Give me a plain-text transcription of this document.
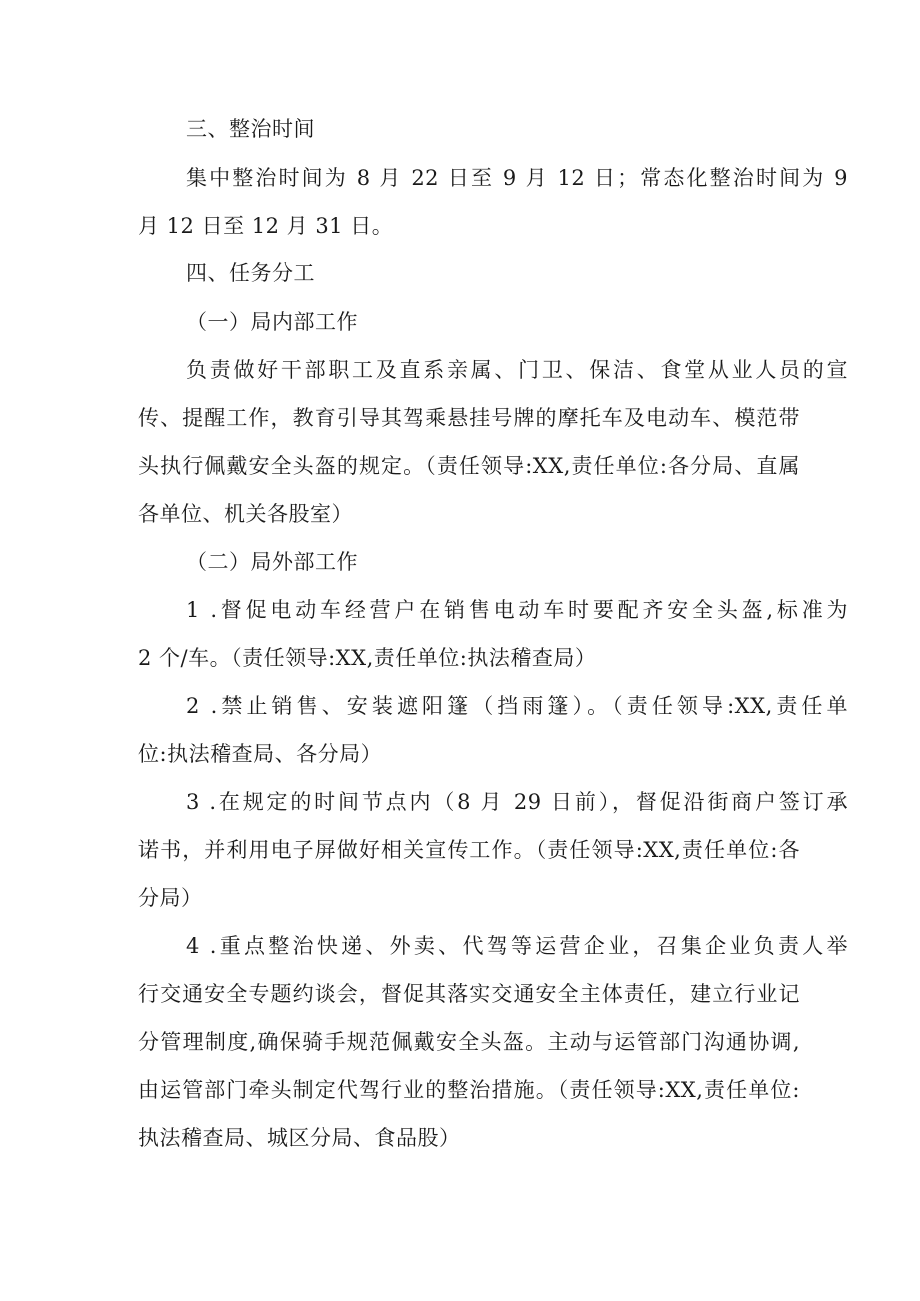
三、整治时间
集中整治时间为 8 月 22 日至 9 月 12 日；常态化整治时间为 9
月 12 日至 12 月 31 日。
四、任务分工
（一）局内部工作
负责做好干部职工及直系亲属、门卫、保洁、食堂从业人员的宣
传、提醒工作，教育引导其驾乘悬挂号牌的摩托车及电动车、模范带
头执行佩戴安全头盔的规定。（责任领导:XX,责任单位:各分局、直属
各单位、机关各股室）
（二）局外部工作
1 .督促电动车经营户在销售电动车时要配齐安全头盔,标准为
2 个/车。（责任领导:XX,责任单位:执法稽查局）
2 .禁止销售、安装遮阳篷（挡雨篷）。（责任领导:XX,责任单
位:执法稽查局、各分局）
3 .在规定的时间节点内（8 月 29 日前），督促沿街商户签订承
诺书，并利用电子屏做好相关宣传工作。（责任领导:XX,责任单位:各
分局）
4 .重点整治快递、外卖、代驾等运营企业，召集企业负责人举
行交通安全专题约谈会，督促其落实交通安全主体责任，建立行业记
分管理制度,确保骑手规范佩戴安全头盔。主动与运管部门沟通协调,
由运管部门牵头制定代驾行业的整治措施。（责任领导:XX,责任单位:
执法稽查局、城区分局、食品股）
